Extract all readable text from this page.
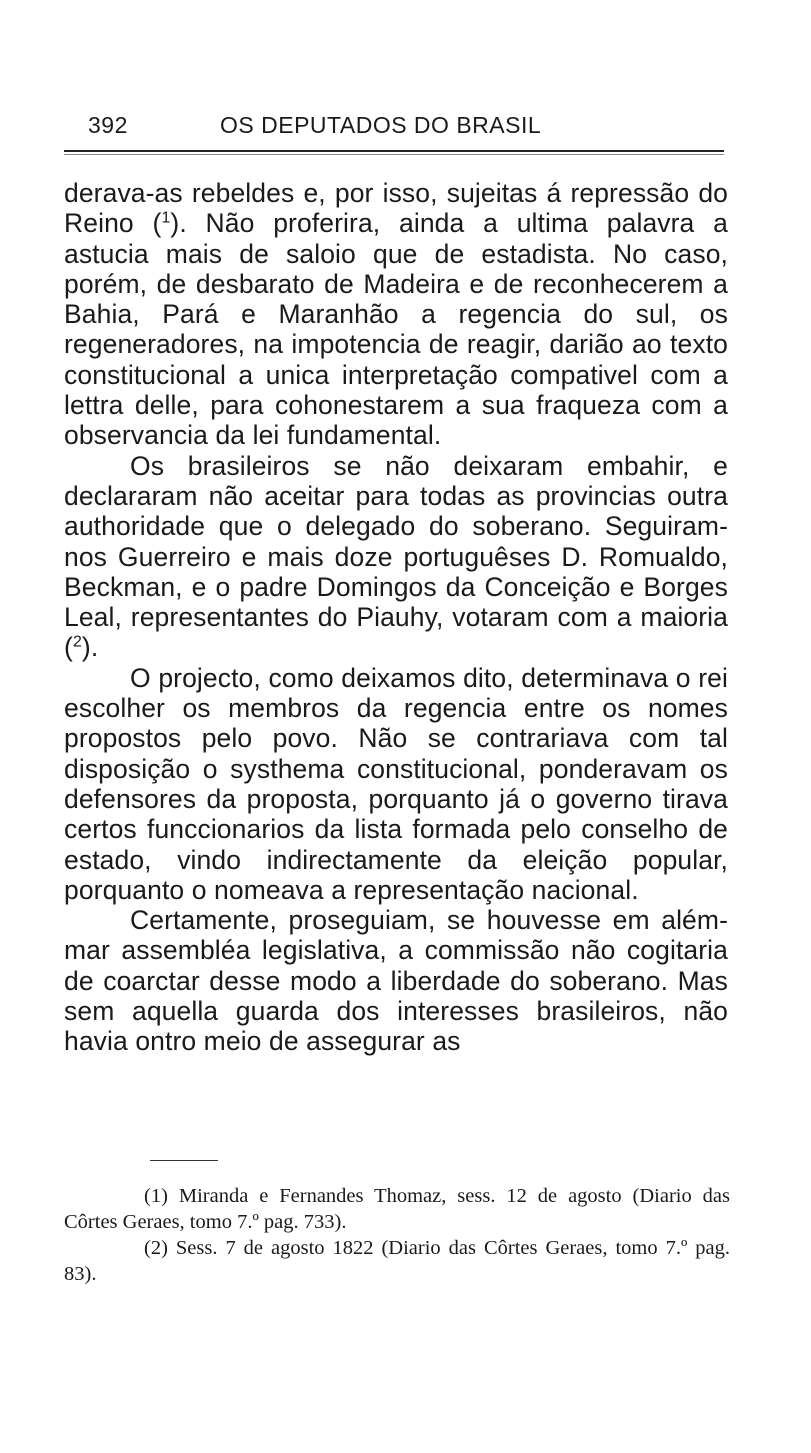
392	OS DEPUTADOS DO BRASIL

derava-as rebeldes e, por isso, sujeitas á repressão do Reino ($^1$). Não proferira, ainda a ultima palavra a astucia mais de saloio que de estadista. No caso, porém, de desbarato de Madeira e de reconhecerem a Bahia, Pará e Maranhão a regencia do sul, os regeneradores, na impotencia de reagir, darião ao texto constitucional a unica interpretação compativel com a lettra delle, para cohonestarem a sua fraqueza com a observancia da lei fundamental.

Os brasileiros se não deixaram embahir, e declararam não aceitar para todas as provincias outra authoridade que o delegado do soberano. Seguiram-nos Guerreiro e mais doze portuguêses D. Romualdo, Beckman, e o padre Domingos da Conceição e Borges Leal, representantes do Piauhy, votaram com a maioria ($^2$).

O projecto, como deixamos dito, determinava o rei escolher os membros da regencia entre os nomes propostos pelo povo. Não se contrariava com tal disposição o systhema constitucional, ponderavam os defensores da proposta, porquanto já o governo tirava certos funccionarios da lista formada pelo conselho de estado, vindo indirectamente da eleição popular, porquanto o nomeava a representação nacional.

Certamente, proseguiam, se houvesse em além-mar assembléa legislativa, a commissão não cogitaria de coarctar desse modo a liberdade do soberano. Mas sem aquella guarda dos interesses brasileiros, não havia ontro meio de assegurar as

(1) Miranda e Fernandes Thomaz, sess. 12 de agosto (Diario das Côrtes Geraes, tomo 7.º pag. 733).

(2) Sess. 7 de agosto 1822 (Diario das Côrtes Geraes, tomo 7.º pag. 83).
